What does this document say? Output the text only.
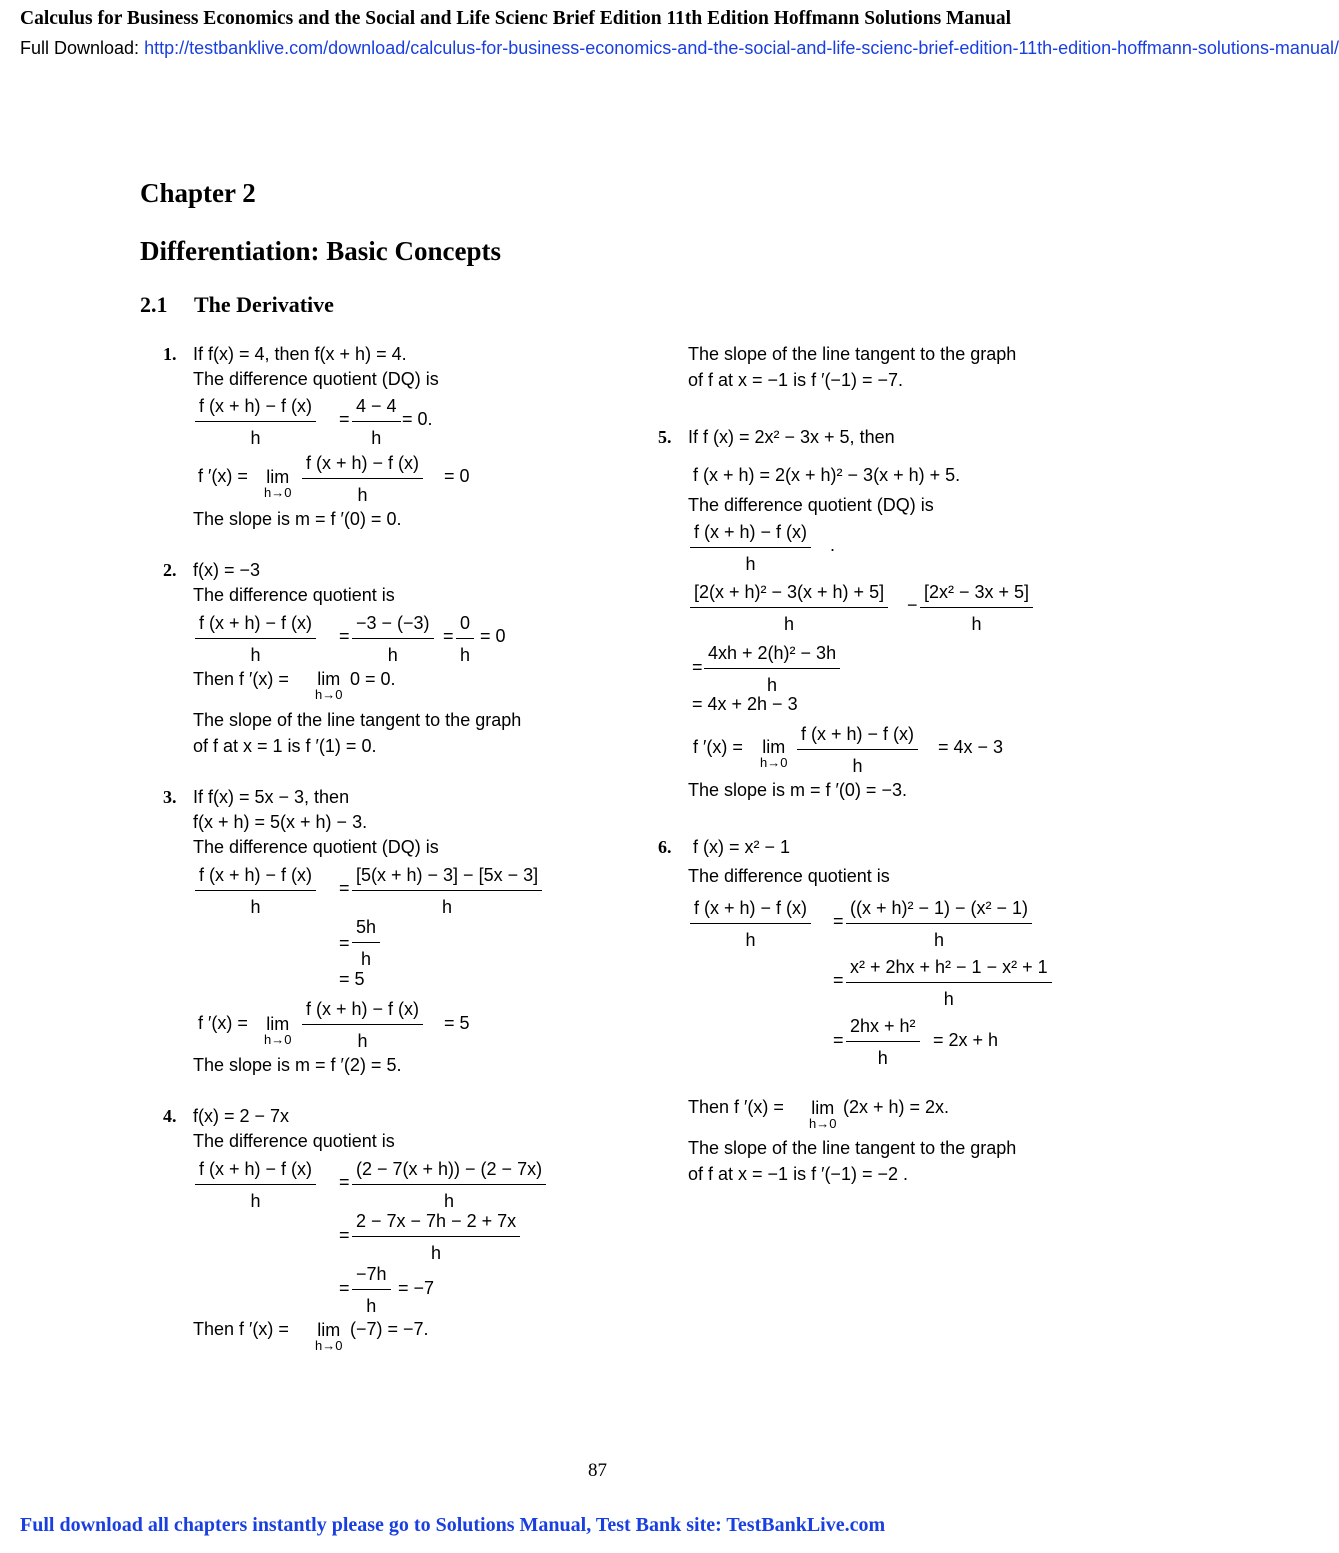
Calculus for Business Economics and the Social and Life Scienc Brief Edition 11th Edition Hoffmann Solutions Manual
Full Download: http://testbanklive.com/download/calculus-for-business-economics-and-the-social-and-life-scienc-brief-edition-11th-edition-hoffmann-solutions-manual/
Chapter 2
Differentiation: Basic Concepts
2.1 The Derivative
1. If f(x) = 4, then f(x + h) = 4.
The difference quotient (DQ) is
f (x + h) − f (x)
h
=
4 − 4
h
= 0.
f ′(x) = lim
h→0
f (x + h) − f (x)
h
= 0
The slope is m = f ′(0) = 0.
2. f(x) = −3
The difference quotient is
f (x + h) − f (x)
h
=
−3 − (−3)
h
=
0
h
= 0
Then f ′(x) = lim
h→0
0 = 0.
The slope of the line tangent to the graph
of f at x = 1 is f ′(1) = 0.
3. If f(x) = 5x − 3, then
f(x + h) = 5(x + h) − 3.
The difference quotient (DQ) is
f (x + h) − f (x)
h
=
[5(x + h) − 3] − [5x − 3]
h
=
5h
h
= 5
f ′(x) = lim
h→0
f (x + h) − f (x)
h
= 5
The slope is m = f ′(2) = 5.
4. f(x) = 2 − 7x
The difference quotient is
f (x + h) − f (x)
h
=
(2 − 7(x + h)) − (2 − 7x)
h
=
2 − 7x − 7h − 2 + 7x
h
=
−7h
h
= −7
Then f ′(x) = lim
h→0
(−7) = −7.
The slope of the line tangent to the graph
of f at x = −1 is f ′(−1) = −7.
5. If f (x) = 2x² − 3x + 5, then
f (x + h) = 2(x + h)² − 3(x + h) + 5.
The difference quotient (DQ) is
f (x + h) − f (x)
h
.
[2(x + h)² − 3(x + h) + 5]
h
−
[2x² − 3x + 5]
h
=
4xh + 2(h)² − 3h
h
= 4x + 2h − 3
f ′(x) = lim
h→0
f (x + h) − f (x)
h
= 4x − 3
The slope is m = f ′(0) = −3.
6. f (x) = x² − 1
The difference quotient is
f (x + h) − f (x)
h
=
((x + h)² − 1) − (x² − 1)
h
=
x² + 2hx + h² − 1 − x² + 1
h
=
2hx + h²
h
= 2x + h
Then f ′(x) = lim
h→0
(2x + h) = 2x.
The slope of the line tangent to the graph
of f at x = −1 is f ′(−1) = −2 .
87
Full download all chapters instantly please go to Solutions Manual, Test Bank site: TestBankLive.com
